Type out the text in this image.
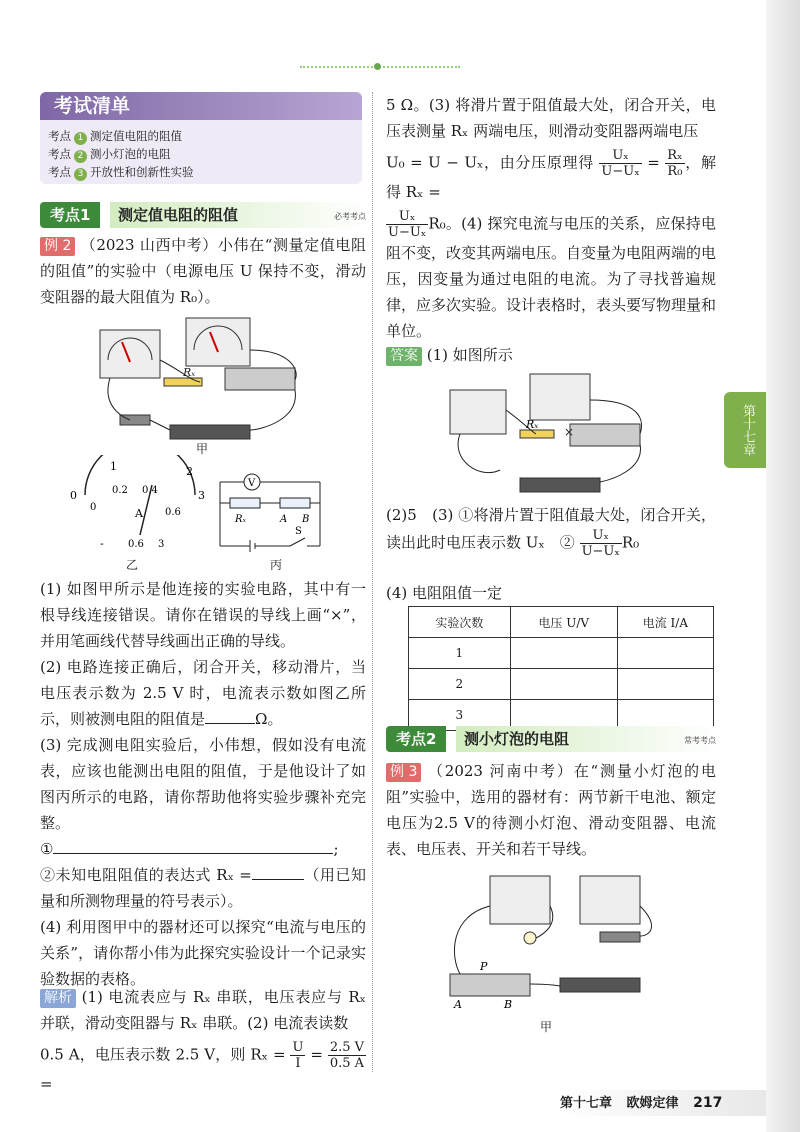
考试清单
考点 1 测定值电阻的阻值
考点 2 测小灯泡的电阻
考点 3 开放性和创新性实验
考点1	测定值电阻的阻值	必考考点
例 2 （2023 山西中考）小伟在“测量定值电阻的阻值”的实验中（电源电压 U 保持不变，滑动变阻器的最大阻值为 R₀）。
Rₓ
甲
1	2
0
0
0.2 0.4	3
0.6
A
- 0.6 3
乙
V
Rₓ	A B
S
丙

(1) 如图甲所示是他连接的实验电路，其中有一根导线连接错误。请你在错误的导线上画“×”，并用笔画线代替导线画出正确的导线。

(2) 电路连接正确后，闭合开关，移动滑片，当电压表示数为 2.5 V 时，电流表示数如图乙所示，则被测电阻的阻值是	Ω。

(3) 完成测电阻实验后，小伟想，假如没有电流表，应该也能测出电阻的阻值，于是他设计了如图丙所示的电路，请你帮助他将实验步骤补充完整。

①	;

②未知电阻阻值的表达式 Rₓ =	（用已知量和所测物理量的符号表示）。

(4) 利用图甲中的器材还可以探究“电流与电压的关系”，请你帮小伟为此探究实验设计一个记录实验数据的表格。

解析 (1) 电流表应与 Rₓ 串联，电压表应与 Rₓ 并联，滑动变阻器与 Rₓ 串联。(2) 电流表读数
0.5 A，电压表示数 2.5 V，则 $R_x = \frac{U}{I} = \frac{2.5 V}{0.5 A}$
=

5 Ω。(3) 将滑片置于阻值最大处，闭合开关，电压表测量 Rₓ 两端电压，则滑动变阻器两端电压

U₀ = U − Uₓ，由分压原理得 $\frac{\text{Uₓ}}{\text{U−Uₓ}} = \frac{\text{Rₓ}}{\text{R₀}}$ ，解得 Rₓ =

$\frac{\text{Uₓ}}{\text{U−Uₓ}} R_0$。(4) 探究电流与电压的关系，应保持电阻不变，改变其两端电压。自变量为电阻两端的电压，因变量为通过电阻的电流。为了寻找普遍规律，应多次实验。设计表格时，表头要写物理量和单位。

答案 (1) 如图所示
Rₓ
×
(2)5　(3) ①将滑片置于阻值最大处，闭合开关，读出此时电压表示数 Uₓ　② $\frac{\text{Uₓ}}{\text{U−Uₓ}} R_0$
(4) 电阻阻值一定
实验次数	电压 U/V	电流 I/A
1		
2		
3		
考点2	测小灯泡的电阻	常考考点
例 3 （2023 河南中考）在“测量小灯泡的电阻”实验中，选用的器材有：两节新干电池、额定电压为2.5 V的待测小灯泡、滑动变阻器、电流表、电压表、开关和若干导线。
P
A	B
甲
第十七章
第十七章 欧姆定律 217
